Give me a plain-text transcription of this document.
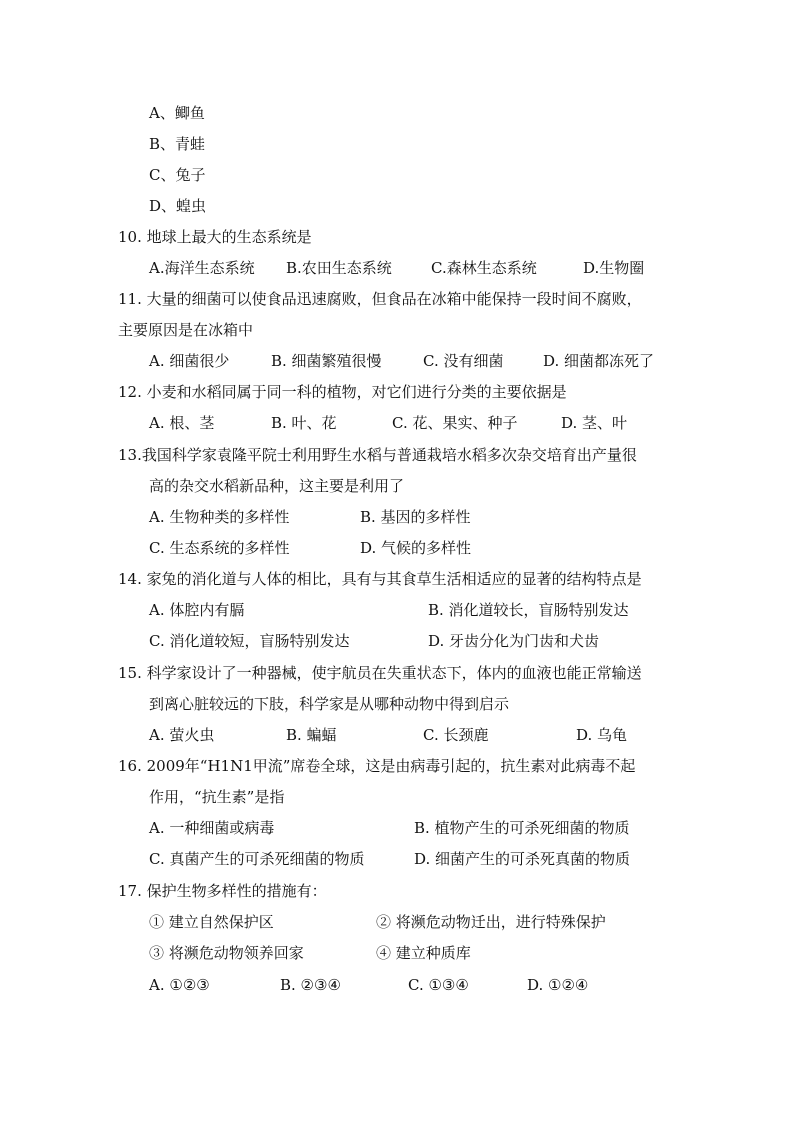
A、鲫鱼
B、青蛙
C、兔子
D、蝗虫
10. 地球上最大的生态系统是
A.海洋生态系统 B.农田生态系统	C.森林生态系统	D.生物圈
11. 大量的细菌可以使食品迅速腐败，但食品在冰箱中能保持一段时间不腐败，
主要原因是在冰箱中
A. 细菌很少	B. 细菌繁殖很慢	C. 没有细菌	D. 细菌都冻死了
12. 小麦和水稻同属于同一科的植物，对它们进行分类的主要依据是
A. 根、茎	B. 叶、花	C. 花、果实、种子	D. 茎、叶
13.我国科学家袁隆平院士利用野生水稻与普通栽培水稻多次杂交培育出产量很
高的杂交水稻新品种，这主要是利用了
A. 生物种类的多样性	B. 基因的多样性
C. 生态系统的多样性	D. 气候的多样性
14. 家兔的消化道与人体的相比，具有与其食草生活相适应的显著的结构特点是
A. 体腔内有膈	B. 消化道较长，盲肠特别发达
C. 消化道较短，盲肠特别发达	D. 牙齿分化为门齿和犬齿
15. 科学家设计了一种器械，使宇航员在失重状态下，体内的血液也能正常输送
到离心脏较远的下肢，科学家是从哪种动物中得到启示
A. 萤火虫	B. 蝙蝠	C. 长颈鹿	D. 乌龟
16. 2009年“H1N1甲流”席卷全球，这是由病毒引起的，抗生素对此病毒不起
作用，“抗生素”是指
A. 一种细菌或病毒	B. 植物产生的可杀死细菌的物质
C. 真菌产生的可杀死细菌的物质	D. 细菌产生的可杀死真菌的物质
17. 保护生物多样性的措施有：
① 建立自然保护区	② 将濒危动物迁出，进行特殊保护
③ 将濒危动物领养回家	④ 建立种质库
A. ①②③	B. ②③④	C. ①③④	D. ①②④
